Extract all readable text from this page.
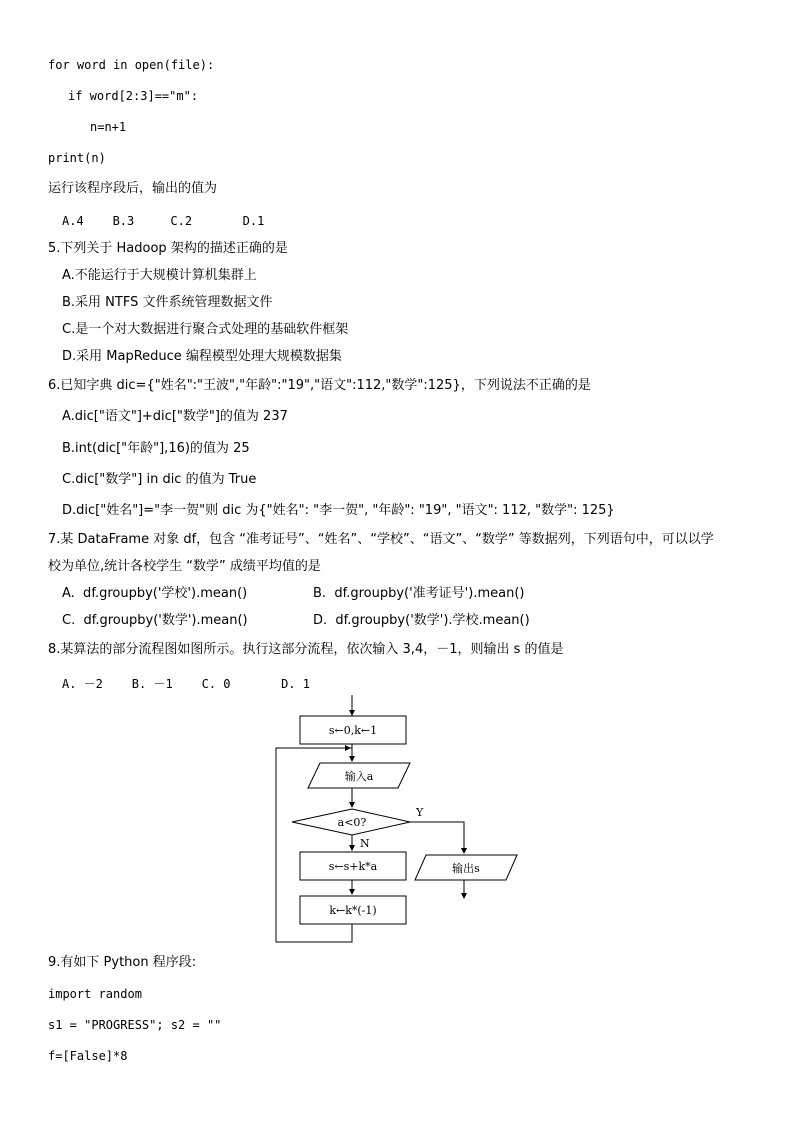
for word in open(file):
if word[2:3]=="m":
n=n+1
print(n)
运行该程序段后，输出的值为
A.4    B.3     C.2       D.1
5.下列关于 Hadoop 架构的描述正确的是
A.不能运行于大规模计算机集群上
B.采用 NTFS 文件系统管理数据文件
C.是一个对大数据进行聚合式处理的基础软件框架
D.采用 MapReduce 编程模型处理大规模数据集
6.已知字典 dic={"姓名":"王波","年龄":"19","语文":112,"数学":125}，下列说法不正确的是
A.dic["语文"]+dic["数学"]的值为 237
B.int(dic["年龄"],16)的值为 25
C.dic["数学"] in dic 的值为 True
D.dic["姓名"]="李一贺"则 dic 为{"姓名": "李一贺", "年龄": "19", "语文": 112, "数学": 125}
7.某 DataFrame 对象 df，包含 “准考证号”、“姓名”、“学校”、“语文”、“数学” 等数据列，下列语句中，可以以学
校为单位,统计各校学生 “数学” 成绩平均值的是
A.  df.groupby('学校').mean()	B.  df.groupby('准考证号').mean()
C.  df.groupby('数学').mean()	D.  df.groupby('数学').学校.mean()
8.某算法的部分流程图如图所示。执行这部分流程，依次输入 3,4，－1，则输出 s 的值是
A. －2    B. －1    C. 0       D. 1
s←0,k←1
输入a
a<0?
Y
N
s←s+k*a
k←k*(-1)
输出s
9.有如下 Python 程序段:
import random
s1 = "PROGRESS"; s2 = ""
f=[False]*8
